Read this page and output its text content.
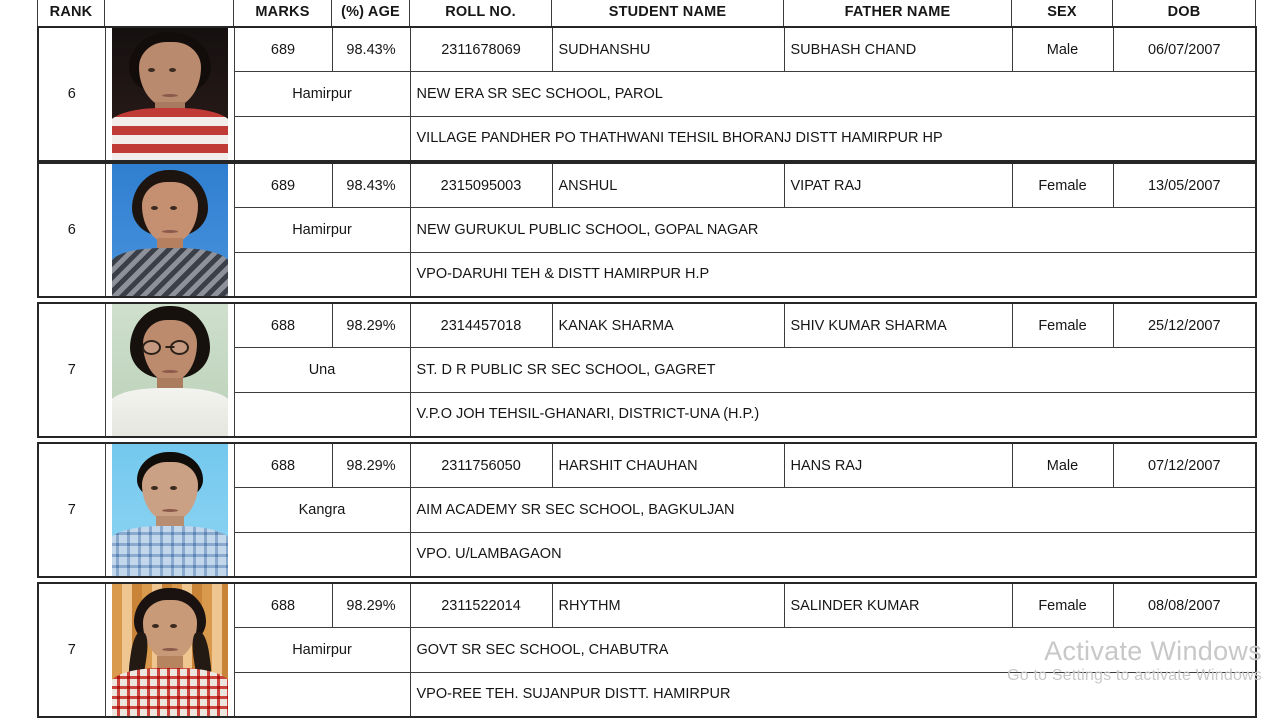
RANK		MARKS	(%) AGE	ROLL NO.	STUDENT NAME	FATHER NAME	SEX	DOB
6		689	98.43%	2311678069	SUDHANSHU	SUBHASH CHAND	Male	06/07/2007
		Hamirpur		NEW ERA SR SEC SCHOOL, PAROL				
				VILLAGE PANDHER PO THATHWANI TEHSIL BHORANJ DISTT HAMIRPUR HP				
6		689	98.43%	2315095003	ANSHUL	VIPAT RAJ	Female	13/05/2007
		Hamirpur		NEW GURUKUL PUBLIC SCHOOL, GOPAL NAGAR				
				VPO-DARUHI TEH & DISTT HAMIRPUR H.P				
7		688	98.29%	2314457018	KANAK SHARMA	SHIV KUMAR SHARMA	Female	25/12/2007
		Una		ST. D R PUBLIC SR SEC SCHOOL, GAGRET				
				V.P.O JOH TEHSIL-GHANARI, DISTRICT-UNA (H.P.)				
7		688	98.29%	2311756050	HARSHIT CHAUHAN	HANS RAJ	Male	07/12/2007
		Kangra		AIM ACADEMY SR SEC SCHOOL, BAGKULJAN				
				VPO. U/LAMBAGAON				
7		688	98.29%	2311522014	RHYTHM	SALINDER KUMAR	Female	08/08/2007
		Hamirpur		GOVT SR SEC SCHOOL, CHABUTRA				
				VPO-REE TEH. SUJANPUR DISTT. HAMIRPUR				
Activate Windows
Go to Settings to activate Windows
